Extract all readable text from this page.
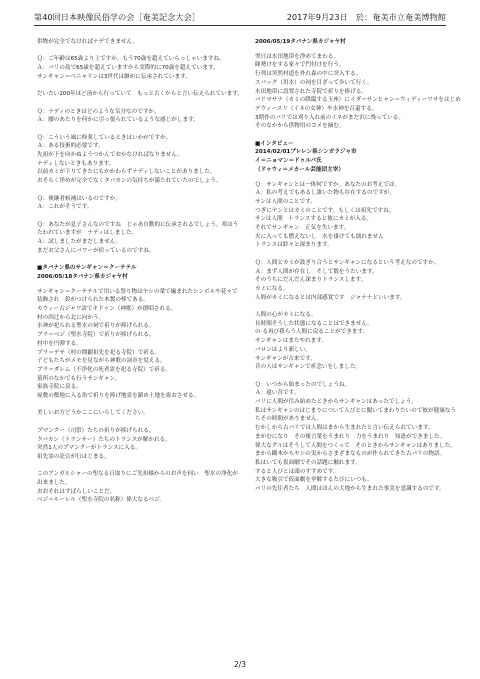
第40回日本映像民俗学の会［奄美記念大会］	2017年9月23日　於：奄美市立奄美博物館

供物が完全でなければナデできません。

Ｑ：ご年齢は65歳より上ですか。もう70歳を超えていらっしゃいますね。
Ａ：バリの島で65歳を超えていますから実際的に70歳を超えています。
サンギャン＝ベニャリンは3世代は継がに伝承されています。

だいたい200年ほど前から行っていて　もっと古くからと言い伝えられています。

Ｑ：ナディのときはどのような気分なのですか。
Ａ：腰のあたりを何かに引っ張られているような感じがします。

Ｑ：こういう風に修業しているときはいかがですか。
Ａ：ある技術的必要です。
先祖が下を向かぬようつかんでおかなければなりません。
ナディしないときもあります。
以前カミが下りてきたにもかかわらずナディしないことがありました。
おそらく浄めが完全でなくタバカンの気持ちが満たれていたのでしょう。

Ｑ：後継者候補はいるのですか。
Ａ：これがそうです。

Ｑ：あなたが息子さんなのですね　じゃあ自動的に伝承されるでしょう。寒はうたわれていますが　ナディはしました。
Ａ：試しましたがまだしません。
まだお父さんにパワーが宿っているのですね。

■タバナン県のサンギャン＝クーテテル
2006/05/18タバナン県カジャヤ村

サンギャン＝クーテテルで用いる祭り物はヤシの葉で編まれたシンボルや花々で装飾され　鈴がつけられた木製の棒である。
カウィー古ジャワ語でキドゥン（神歌）が朗唱される。
村の四辻から北に向かう。
水神が祀られる聖水の祠で祈りが捧げられる。
プラ＝ベジ（聖水寺院）で祈りが捧げられる。
村中を円弾する。
プラ＝デサ（村の開闢祖先を祀る寺院）で祈る。
子どもたちがメモを見ながら神歌の詞章を覚える。
プラ＝ダレム（不浄化の死者霊を祀る寺院）で祈る。
墓所のなかでも行うサンギャン。
家族寺院に戻る。
屋敷の敷地に入る角で祈りを捧げ地霊を鎮め土地を祓おさせる。

美しいお方どうかここにいらしてください。

プマンクー（司祭）たちの祈りが捧げられる。
クバカン（トランサー）たちのトランスが解かれる。
突然1人のプマンクーがトランスに入る。
祖先霊の託宣が行はじまる。

このアンガルシャーの聖なる日取りにご先祖様からのお声を伺い　聖水の浄化が出来ました。
おおそれはすばらしいことだ。
ベジ＝ルーレル（聖水寺院の名称）偉大なるベジ。

2006/05/19タバナン県カジャヤ村

翌日は水田地帯を浄めてまわる。
隊勢けをする家々で門付けを行う。
行列は突然村道を外れ森の中に突入する。
スバック（用水）の祠を目ざって歩いて行く。
水田地帯に設置された寺院で祈りを捧げる。
バドマサナ（カミの降臨する玉座）にイダーサンヒャン＝ウィディーワサをはじめ　デウィースリ（イネの女神）や水神を召還する。
3期作のバリでは刈り入れ前のイネがまだ沢に残っている。
そのなかから供物用のコメを摘む。

■インタビュー
2014/02/01ブレレン県シンガラジャ市
イ＝ニョマン＝ドゥルパ氏
（ドゥウィ＝メカール芸能団主宰）

Ｑ：サンギャンとは一体何ですか。あなたのお考えでは。
Ａ：私の考えでもあるし誰いた物も存在するのですが。
サンは人間のことです。
つぎにヤンとはカミのことです。もしくは祖先ですね。
サンは人間　トランスすると彼にカミが入る。
それでサンギャン　正気を失います。
火に入っても燃えないし　水を掛けても濡れません
トランスは鈴々と深まります。

Ｑ：人間とカミが鼓ぎり合うとサンギャンになるという考えなのですか。
Ａ：まず人間が存在し　そして数をうたいます。
そのうちにだんだん深まりトランスします。
カミになる。
人間がカミになるとは内部感覚です　ジャナナといいます。

人間の心がカミになる。
長時間そうした状態になることはできません。
の る再び我らう人間に戻ることができます。
サンギャンはまたやれます。
バロンはより新しい。
サンギャンが古来です。
昔の人はサンギャンで祈念いをしました。

Ｑ：いつから始まったのでしょうね。
Ａ：遠い昔です。
バリに人間が住み始めたときからサンギャンはあったでしょう。
私はサンギャンのはじまりについて人びとに聞いてまわりたいので彼が健康なうちその時間がありません。
むかしから古バリでは人間はまから生まれたと言い伝えられています。
まがむになり　その後言葉をうまれり　力をうまれり　知恵ができました。
偉大なグルはそうして人間をつくって　そのときからサンギャンはありました。
まから糊木からヤシの実からさまざまなものが作られてきた古バリの物語。
私はいても仮面劇でその話題に触れます。
すると人びとは頭のすすめです。
大きな吸引で仮面劇を挙解するたびにいつも。
バリの先住者たち　人間はほんの大地から生まれた事実を意識するのです。

2/3
